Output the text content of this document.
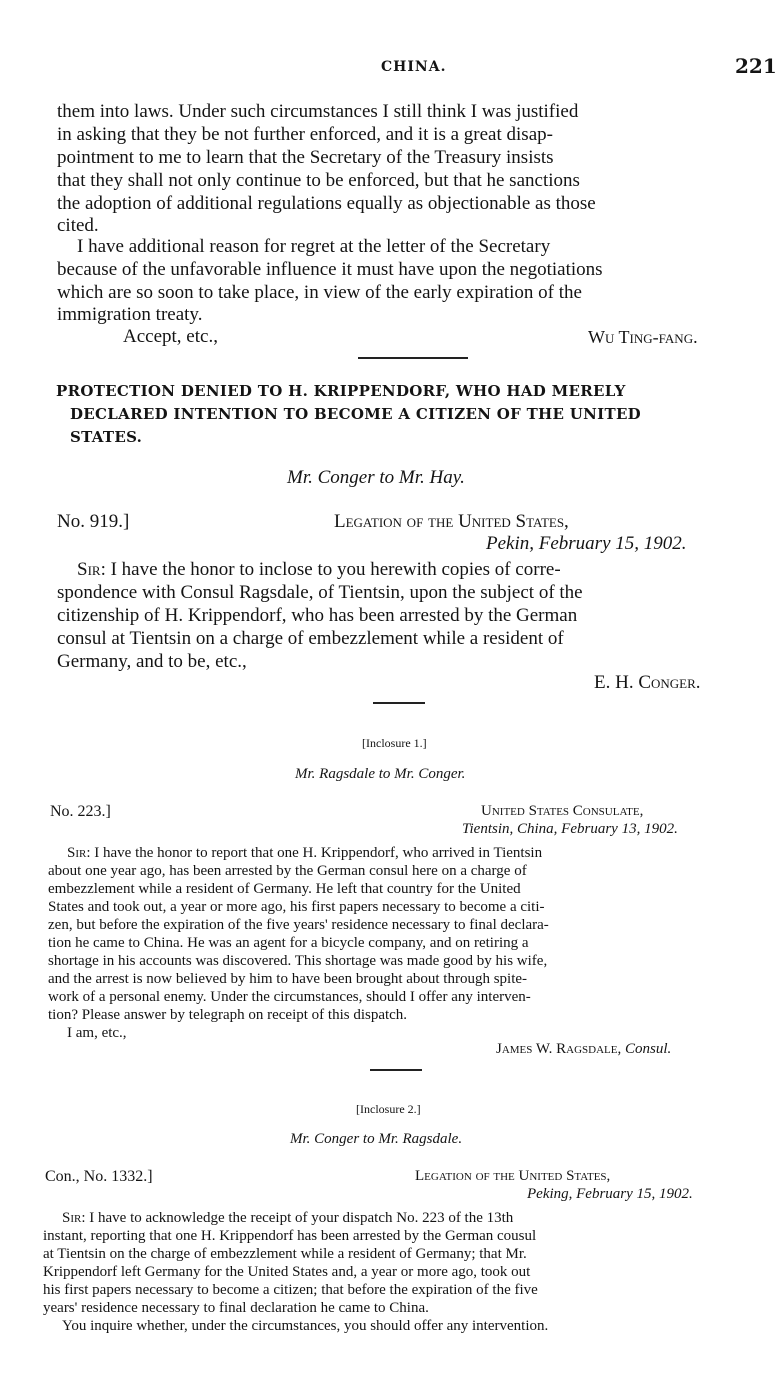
CHINA.	221
them into laws. Under such circumstances I still think I was justified
in asking that they be not further enforced, and it is a great disap-
pointment to me to learn that the Secretary of the Treasury insists
that they shall not only continue to be enforced, but that he sanctions
the adoption of additional regulations equally as objectionable as those
cited.
I have additional reason for regret at the letter of the Secretary
because of the unfavorable influence it must have upon the negotiations
which are so soon to take place, in view of the early expiration of the
immigration treaty.
Accept, etc.,	Wu Ting-fang.
PROTECTION DENIED TO H. KRIPPENDORF, WHO HAD MERELY
DECLARED INTENTION TO BECOME A CITIZEN OF THE UNITED
STATES.
Mr. Conger to Mr. Hay.
No. 919.]	Legation of the United States,
Pekin, February 15, 1902.
Sir: I have the honor to inclose to you herewith copies of corre-
spondence with Consul Ragsdale, of Tientsin, upon the subject of the
citizenship of H. Krippendorf, who has been arrested by the German
consul at Tientsin on a charge of embezzlement while a resident of
Germany, and to be, etc.,
E. H. Conger.
[Inclosure 1.]
Mr. Ragsdale to Mr. Conger.
No. 223.]	United States Consulate,
Tientsin, China, February 13, 1902.
Sir: I have the honor to report that one H. Krippendorf, who arrived in Tientsin
about one year ago, has been arrested by the German consul here on a charge of
embezzlement while a resident of Germany. He left that country for the United
States and took out, a year or more ago, his first papers necessary to become a citi-
zen, but before the expiration of the five years' residence necessary to final declara-
tion he came to China. He was an agent for a bicycle company, and on retiring a
shortage in his accounts was discovered. This shortage was made good by his wife,
and the arrest is now believed by him to have been brought about through spite-
work of a personal enemy. Under the circumstances, should I offer any interven-
tion? Please answer by telegraph on receipt of this dispatch.
I am, etc.,
James W. Ragsdale, Consul.
[Inclosure 2.]
Mr. Conger to Mr. Ragsdale.
Con., No. 1332.]	Legation of the United States,
Peking, February 15, 1902.
Sir: I have to acknowledge the receipt of your dispatch No. 223 of the 13th
instant, reporting that one H. Krippendorf has been arrested by the German cousul
at Tientsin on the charge of embezzlement while a resident of Germany; that Mr.
Krippendorf left Germany for the United States and, a year or more ago, took out
his first papers necessary to become a citizen; that before the expiration of the five
years' residence necessary to final declaration he came to China.
You inquire whether, under the circumstances, you should offer any intervention.
